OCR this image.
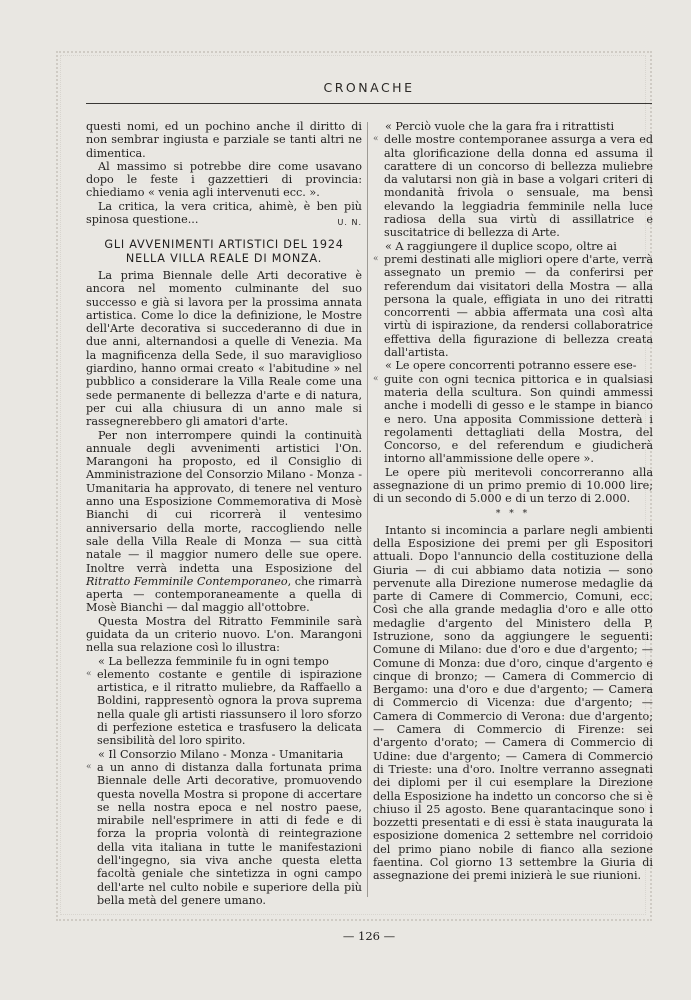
CRONACHE

questi nomi, ed un pochino anche il diritto di non sembrar ingiusta e parziale se tanti altri ne dimentica.

Al massimo si potrebbe dire come usavano dopo le feste i gazzettieri di provincia: chiediamo « venia agli intervenuti ecc. ».

La critica, la vera critica, ahimè, è ben più spinosa questione...	U. N.

GLI AVVENIMENTI ARTISTICI DEL 1924 NELLA VILLA REALE DI MONZA.

La prima Biennale delle Arti decorative è ancora nel momento culminante del suo successo e già si lavora per la prossima annata artistica. Come lo dice la definizione, le Mostre dell'Arte decorativa si succederanno di due in due anni, alternandosi a quelle di Venezia. Ma la magnificenza della Sede, il suo maraviglioso giardino, hanno ormai creato « l'abitudine » nel pubblico a considerare la Villa Reale come una sede permanente di bellezza d'arte e di natura, per cui alla chiusura di un anno male si rassegnerebbero gli amatori d'arte.

Per non interrompere quindi la continuità annuale degli avvenimenti artistici l'On. Marangoni ha proposto, ed il Consiglio di Amministrazione del Consorzio Milano - Monza - Umanitaria ha approvato, di tenere nel venturo anno una Esposizione Commemorativa di Mosè Bianchi di cui ricorrerà il ventesimo anniversario della morte, raccogliendo nelle sale della Villa Reale di Monza — sua città natale — il maggior numero delle sue opere. Inoltre verrà indetta una Esposizione del Ritratto Femminile Contemporaneo, che rimarrà aperta — contemporaneamente a quella di Mosè Bianchi — dal maggio all'ottobre.

Questa Mostra del Ritratto Femminile sarà guidata da un criterio nuovo. L'on. Marangoni nella sua relazione così lo illustra:

« La bellezza femminile fu in ogni tempo

« elemento costante e gentile di ispirazione artistica, e il ritratto muliebre, da Raffaello a Boldini, rappresentò ognora la prova suprema nella quale gli artisti riassunsero il loro sforzo di perfezione estetica e trasfusero la delicata sensibilità del loro spirito.

« Il Consorzio Milano - Monza - Umanitaria

« a un anno di distanza dalla fortunata prima Biennale delle Arti decorative, promuovendo questa novella Mostra si propone di accertare se nella nostra epoca e nel nostro paese, mirabile nell'esprimere in atti di fede e di forza la propria volontà di reintegrazione della vita italiana in tutte le manifestazioni dell'ingegno, sia viva anche questa eletta facoltà geniale che sintetizza in ogni campo dell'arte nel culto nobile e superiore della più bella metà del genere umano.

« Perciò vuole che la gara fra i ritrattisti

« delle mostre contemporanee assurga a vera ed alta glorificazione della donna ed assuma il carattere di un concorso di bellezza muliebre da valutarsi non già in base a volgari criteri di mondanità frivola o sensuale, ma bensì elevando la leggiadria femminile nella luce radiosa della sua virtù di assillatrice e suscitatrice di bellezza di Arte.

« A raggiungere il duplice scopo, oltre ai

« premi destinati alle migliori opere d'arte, verrà assegnato un premio — da conferirsi per referendum dai visitatori della Mostra — alla persona la quale, effigiata in uno dei ritratti concorrenti — abbia affermata una così alta virtù di ispirazione, da rendersi collaboratrice effettiva della figurazione di bellezza creata dall'artista.

« Le opere concorrenti potranno essere ese-

« guite con ogni tecnica pittorica e in qualsiasi materia della scultura. Son quindi ammessi anche i modelli di gesso e le stampe in bianco e nero. Una apposita Commissione detterà i regolamenti dettagliati della Mostra, del Concorso, e del referendum e giudicherà intorno all'ammissione delle opere ».

Le opere più meritevoli concorreranno alla assegnazione di un primo premio di 10.000 lire; di un secondo di 5.000 e di un terzo di 2.000.

* * *

Intanto si incomincia a parlare negli ambienti della Esposizione dei premi per gli Espositori attuali. Dopo l'annuncio della costituzione della Giuria — di cui abbiamo data notizia — sono pervenute alla Direzione numerose medaglie da parte di Camere di Commercio, Comuni, ecc. Così che alla grande medaglia d'oro e alle otto medaglie d'argento del Ministero della P. Istruzione, sono da aggiungere le seguenti: Comune di Milano: due d'oro e due d'argento; — Comune di Monza: due d'oro, cinque d'argento e cinque di bronzo; — Camera di Commercio di Bergamo: una d'oro e due d'argento; — Camera di Commercio di Vicenza: due d'argento; — Camera di Commercio di Verona: due d'argento; — Camera di Commercio di Firenze: sei d'argento d'orato; — Camera di Commercio di Udine: due d'argento; — Camera di Commercio di Trieste: una d'oro. Inoltre verranno assegnati dei diplomi per il cui esemplare la Direzione della Esposizione ha indetto un concorso che si è chiuso il 25 agosto. Bene quarantacinque sono i bozzetti presentati e di essi è stata inaugurata la esposizione domenica 2 settembre nel corridoio del primo piano nobile di fianco alla sezione faentina. Col giorno 13 settembre la Giuria di assegnazione dei premi inizierà le sue riunioni.

— 126 —
